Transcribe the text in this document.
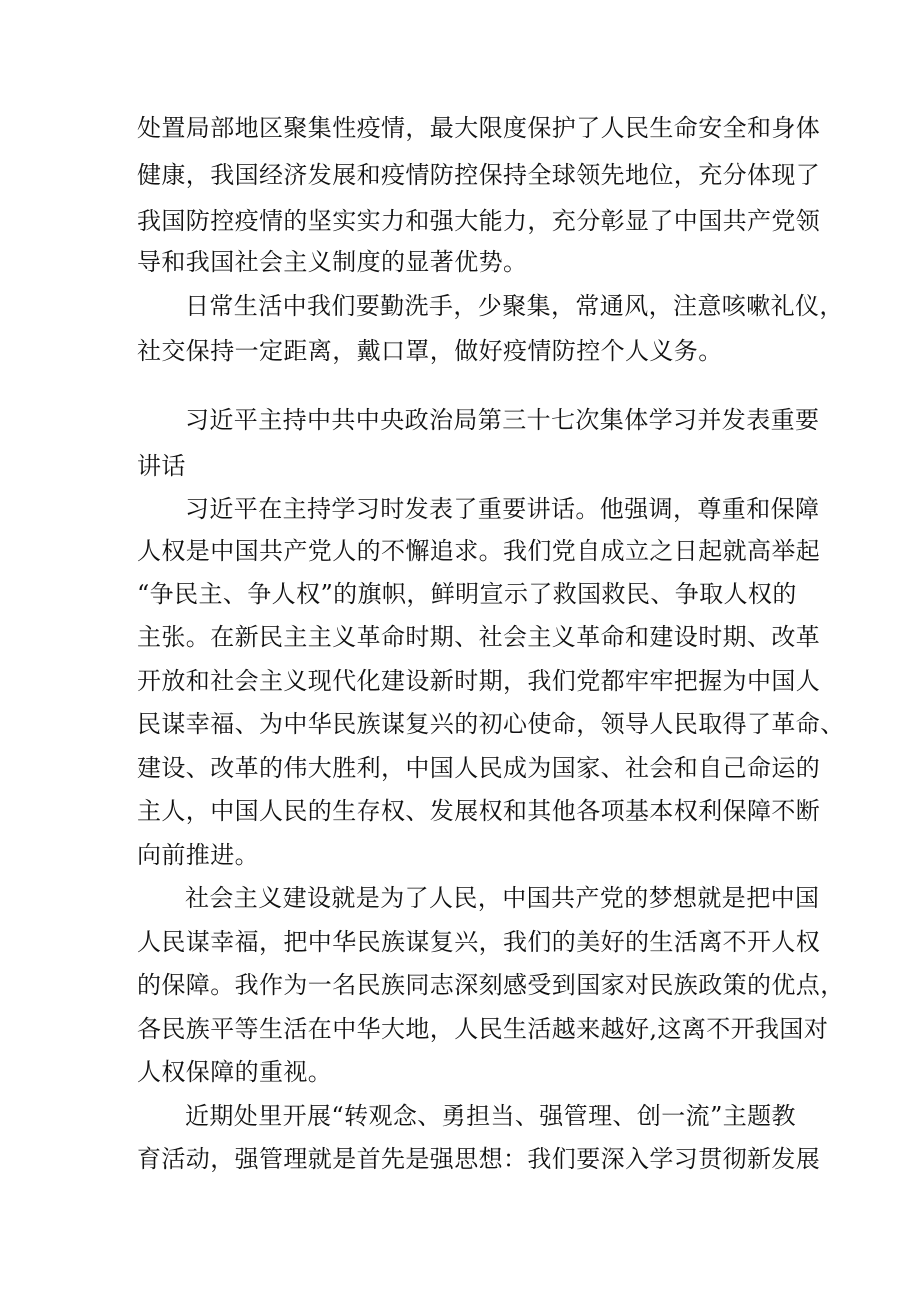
处置局部地区聚集性疫情，最大限度保护了人民生命安全和身体

健康，我国经济发展和疫情防控保持全球领先地位，充分体现了

我国防控疫情的坚实实力和强大能力，充分彰显了中国共产党领

导和我国社会主义制度的显著优势。

日常生活中我们要勤洗手，少聚集，常通风，注意咳嗽礼仪，

社交保持一定距离，戴口罩，做好疫情防控个人义务。

习近平主持中共中央政治局第三十七次集体学习并发表重要

讲话

习近平在主持学习时发表了重要讲话。他强调，尊重和保障

人权是中国共产党人的不懈追求。我们党自成立之日起就高举起

“争民主、争人权”的旗帜，鲜明宣示了救国救民、争取人权的

主张。在新民主主义革命时期、社会主义革命和建设时期、改革

开放和社会主义现代化建设新时期，我们党都牢牢把握为中国人

民谋幸福、为中华民族谋复兴的初心使命，领导人民取得了革命、

建设、改革的伟大胜利，中国人民成为国家、社会和自己命运的

主人，中国人民的生存权、发展权和其他各项基本权利保障不断

向前推进。

社会主义建设就是为了人民，中国共产党的梦想就是把中国

人民谋幸福，把中华民族谋复兴，我们的美好的生活离不开人权

的保障。我作为一名民族同志深刻感受到国家对民族政策的优点，

各民族平等生活在中华大地，人民生活越来越好,这离不开我国对

人权保障的重视。

近期处里开展“转观念、勇担当、强管理、创一流”主题教

育活动，强管理就是首先是强思想：我们要深入学习贯彻新发展
